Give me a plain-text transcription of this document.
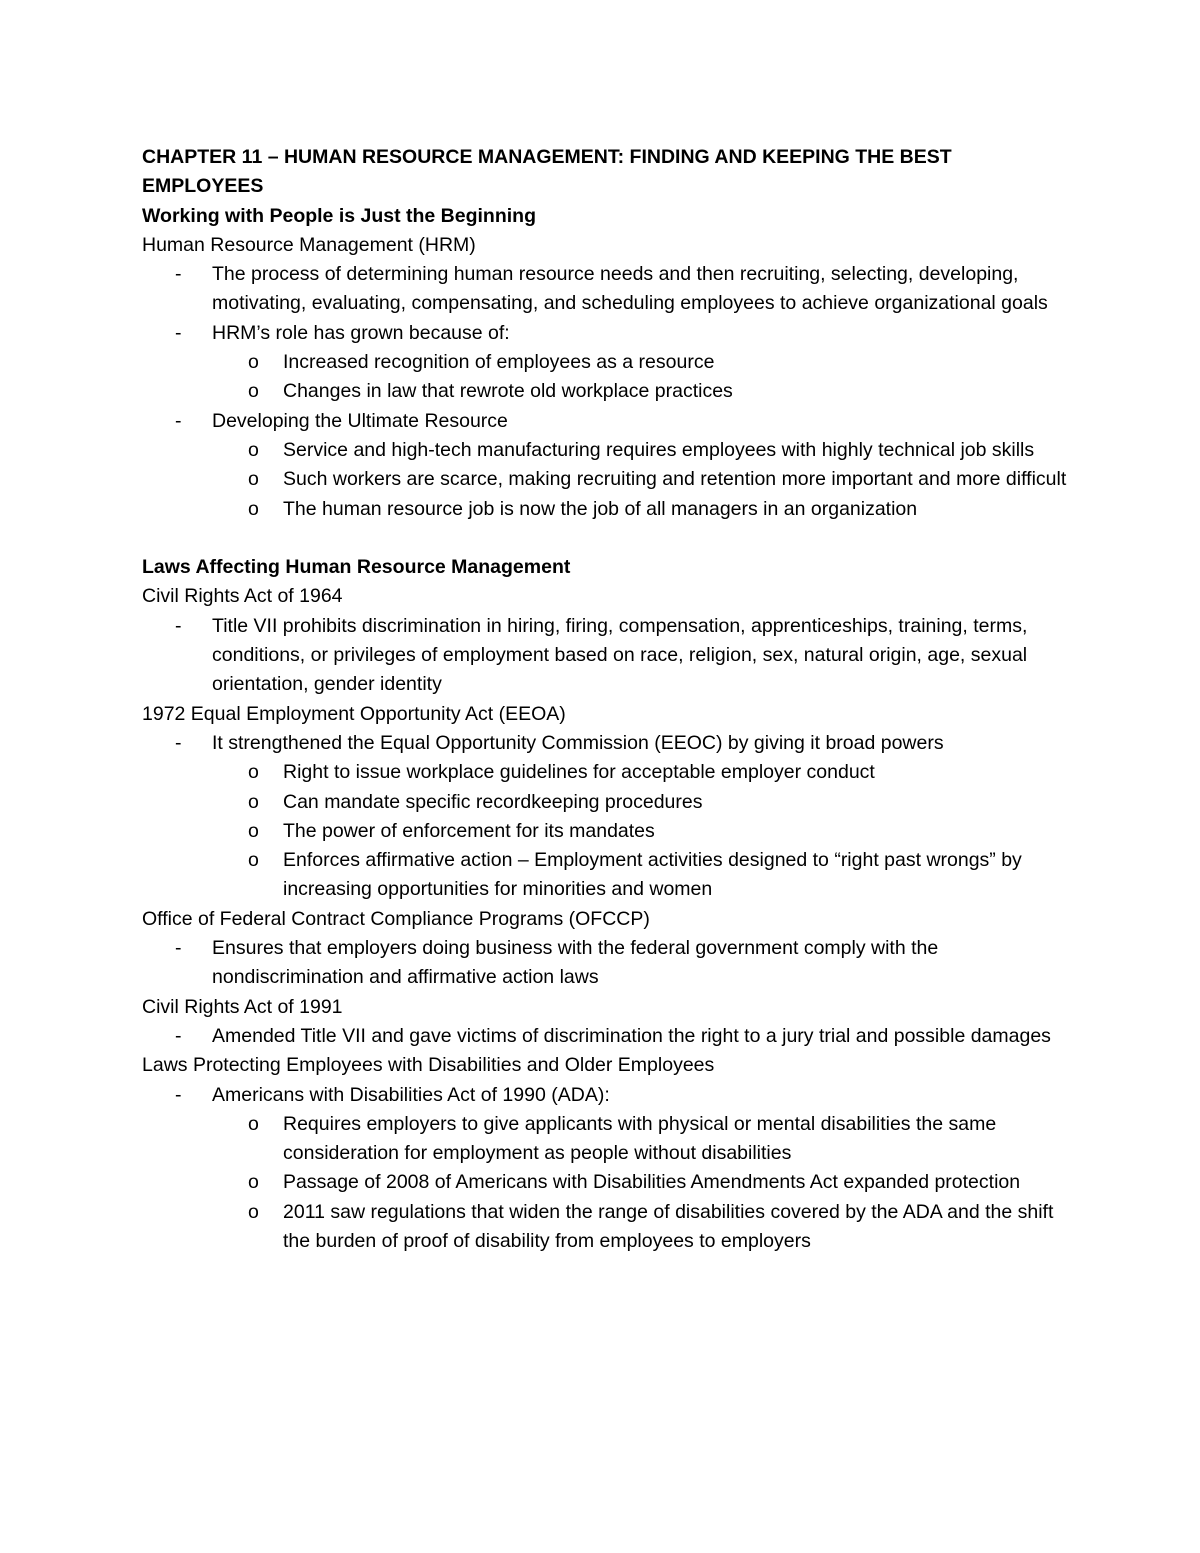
CHAPTER 11 – HUMAN RESOURCE MANAGEMENT: FINDING AND KEEPING THE BEST EMPLOYEES
Working with People is Just the Beginning
Human Resource Management (HRM)
- The process of determining human resource needs and then recruiting, selecting, developing, motivating, evaluating, compensating, and scheduling employees to achieve organizational goals
- HRM’s role has grown because of:
o Increased recognition of employees as a resource
o Changes in law that rewrote old workplace practices
- Developing the Ultimate Resource
o Service and high-tech manufacturing requires employees with highly technical job skills
o Such workers are scarce, making recruiting and retention more important and more difficult
o The human resource job is now the job of all managers in an organization
Laws Affecting Human Resource Management
Civil Rights Act of 1964
- Title VII prohibits discrimination in hiring, firing, compensation, apprenticeships, training, terms, conditions, or privileges of employment based on race, religion, sex, natural origin, age, sexual orientation, gender identity
1972 Equal Employment Opportunity Act (EEOA)
- It strengthened the Equal Opportunity Commission (EEOC) by giving it broad powers
o Right to issue workplace guidelines for acceptable employer conduct
o Can mandate specific recordkeeping procedures
o The power of enforcement for its mandates
o Enforces affirmative action – Employment activities designed to “right past wrongs” by increasing opportunities for minorities and women
Office of Federal Contract Compliance Programs (OFCCP)
- Ensures that employers doing business with the federal government comply with the nondiscrimination and affirmative action laws
Civil Rights Act of 1991
- Amended Title VII and gave victims of discrimination the right to a jury trial and possible damages
Laws Protecting Employees with Disabilities and Older Employees
- Americans with Disabilities Act of 1990 (ADA):
o Requires employers to give applicants with physical or mental disabilities the same consideration for employment as people without disabilities
o Passage of 2008 of Americans with Disabilities Amendments Act expanded protection
o 2011 saw regulations that widen the range of disabilities covered by the ADA and the shift the burden of proof of disability from employees to employers
